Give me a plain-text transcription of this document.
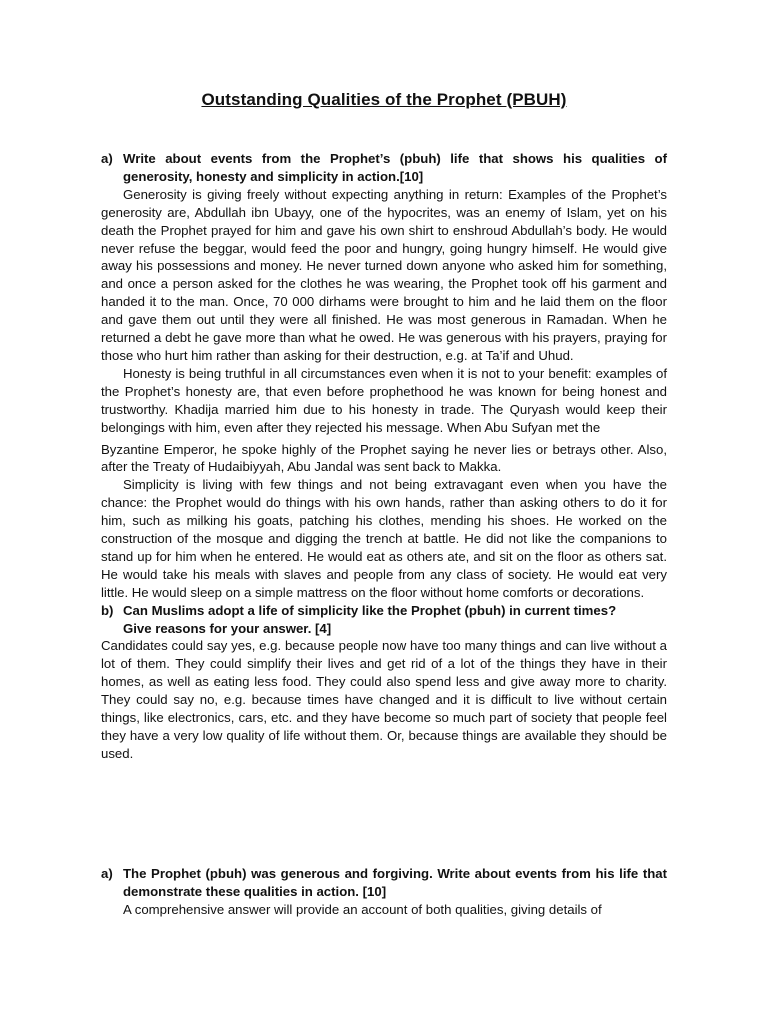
Outstanding Qualities of the Prophet (PBUH)

a) Write about events from the Prophet’s (pbuh) life that shows his qualities of generosity, honesty and simplicity in action.[10]

Generosity is giving freely without expecting anything in return: Examples of the Prophet’s generosity are, Abdullah ibn Ubayy, one of the hypocrites, was an enemy of Islam, yet on his death the Prophet prayed for him and gave his own shirt to enshroud Abdullah’s body. He would never refuse the beggar, would feed the poor and hungry, going hungry himself. He would give away his possessions and money. He never turned down anyone who asked him for something, and once a person asked for the clothes he was wearing, the Prophet took off his garment and handed it to the man. Once, 70 000 dirhams were brought to him and he laid them on the floor and gave them out until they were all finished. He was most generous in Ramadan. When he returned a debt he gave more than what he owed. He was generous with his prayers, praying for those who hurt him rather than asking for their destruction, e.g. at Ta’if and Uhud.

Honesty is being truthful in all circumstances even when it is not to your benefit: examples of the Prophet’s honesty are, that even before prophethood he was known for being honest and trustworthy. Khadija married him due to his honesty in trade. The Quryash would keep their belongings with him, even after they rejected his message. When Abu Sufyan met the

Byzantine Emperor, he spoke highly of the Prophet saying he never lies or betrays other. Also, after the Treaty of Hudaibiyyah, Abu Jandal was sent back to Makka.

Simplicity is living with few things and not being extravagant even when you have the chance: the Prophet would do things with his own hands, rather than asking others to do it for him, such as milking his goats, patching his clothes, mending his shoes. He worked on the construction of the mosque and digging the trench at battle. He did not like the companions to stand up for him when he entered. He would eat as others ate, and sit on the floor as others sat. He would take his meals with slaves and people from any class of society. He would eat very little. He would sleep on a simple mattress on the floor without home comforts or decorations.

b) Can Muslims adopt a life of simplicity like the Prophet (pbuh) in current times?
Give reasons for your answer. [4]

Candidates could say yes, e.g. because people now have too many things and can live without a lot of them. They could simplify their lives and get rid of a lot of the things they have in their homes, as well as eating less food. They could also spend less and give away more to charity. They could say no, e.g. because times have changed and it is difficult to live without certain things, like electronics, cars, etc. and they have become so much part of society that people feel they have a very low quality of life without them. Or, because things are available they should be used.

a) The Prophet (pbuh) was generous and forgiving. Write about events from his life that demonstrate these qualities in action. [10]

A comprehensive answer will provide an account of both qualities, giving details of
